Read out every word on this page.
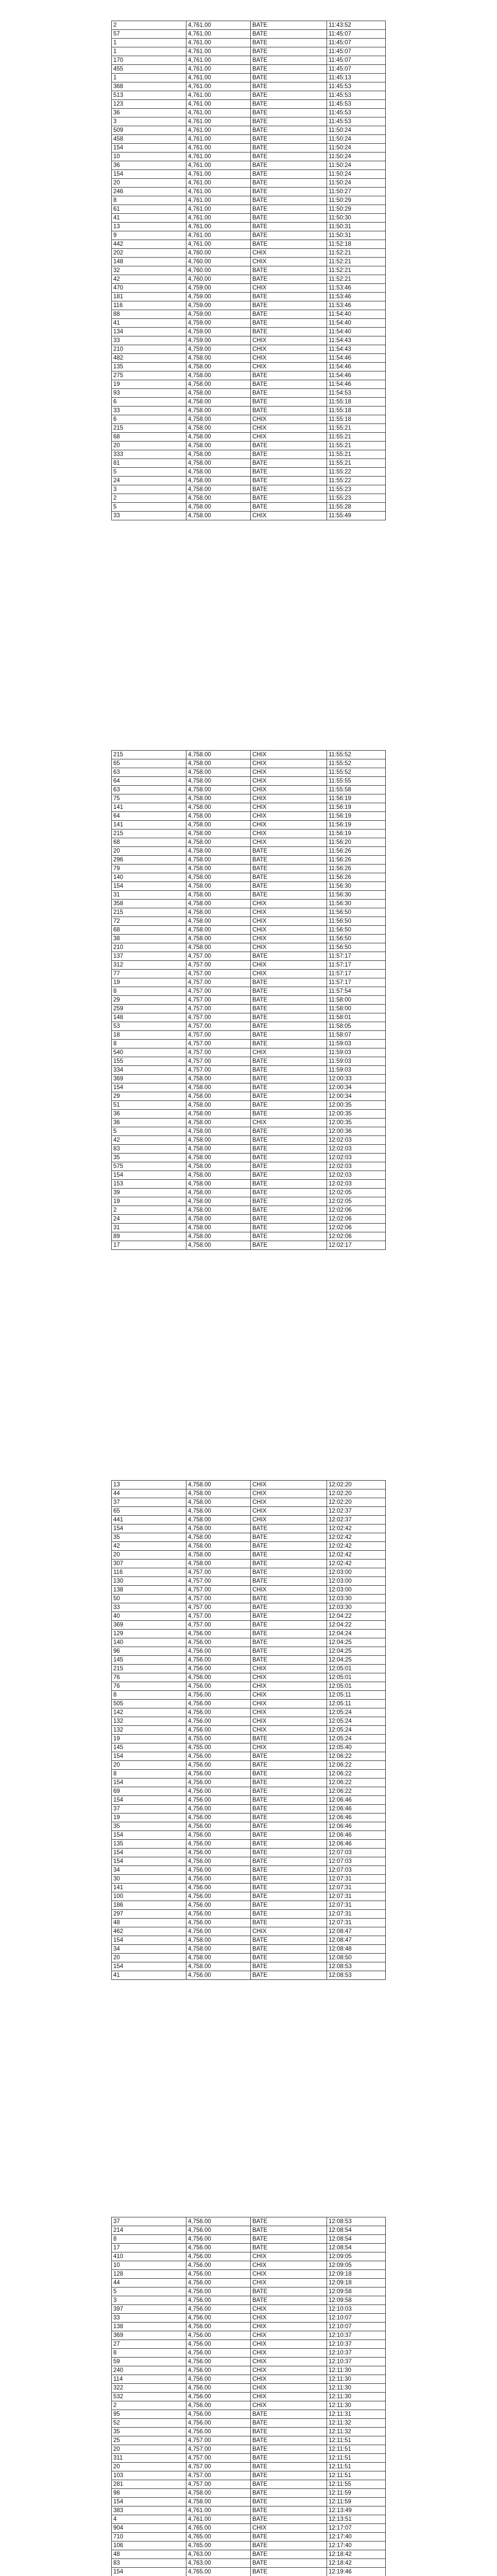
2	4,761.00	BATE	11:43:52
57	4,761.00	BATE	11:45:07
1	4,761.00	BATE	11:45:07
1	4,761.00	BATE	11:45:07
170	4,761.00	BATE	11:45:07
455	4,761.00	BATE	11:45:07
1	4,761.00	BATE	11:45:13
368	4,761.00	BATE	11:45:53
513	4,761.00	BATE	11:45:53
123	4,761.00	BATE	11:45:53
36	4,761.00	BATE	11:45:53
3	4,761.00	BATE	11:45:53
509	4,761.00	BATE	11:50:24
458	4,761.00	BATE	11:50:24
154	4,761.00	BATE	11:50:24
10	4,761.00	BATE	11:50:24
36	4,761.00	BATE	11:50:24
154	4,761.00	BATE	11:50:24
20	4,761.00	BATE	11:50:24
246	4,761.00	BATE	11:50:27
8	4,761.00	BATE	11:50:29
61	4,761.00	BATE	11:50:29
41	4,761.00	BATE	11:50:30
13	4,761.00	BATE	11:50:31
9	4,761.00	BATE	11:50:31
442	4,761.00	BATE	11:52:18
202	4,760.00	CHIX	11:52:21
148	4,760.00	CHIX	11:52:21
32	4,760.00	BATE	11:52:21
42	4,760.00	BATE	11:52:21
470	4,759.00	CHIX	11:53:46
181	4,759.00	BATE	11:53:46
116	4,759.00	BATE	11:53:46
88	4,759.00	BATE	11:54:40
41	4,759.00	BATE	11:54:40
134	4,759.00	BATE	11:54:40
33	4,759.00	CHIX	11:54:43
210	4,759.00	CHIX	11:54:43
482	4,758.00	CHIX	11:54:46
135	4,758.00	CHIX	11:54:46
275	4,758.00	BATE	11:54:46
19	4,758.00	BATE	11:54:46
93	4,758.00	BATE	11:54:53
6	4,758.00	BATE	11:55:18
33	4,758.00	BATE	11:55:18
6	4,758.00	CHIX	11:55:18
215	4,758.00	CHIX	11:55:21
68	4,758.00	CHIX	11:55:21
20	4,758.00	BATE	11:55:21
333	4,758.00	BATE	11:55:21
81	4,758.00	BATE	11:55:21
5	4,758.00	BATE	11:55:22
24	4,758.00	BATE	11:55:22
3	4,758.00	BATE	11:55:23
2	4,758.00	BATE	11:55:23
5	4,758.00	BATE	11:55:28
33	4,758.00	CHIX	11:55:49
215	4,758.00	CHIX	11:55:52
65	4,758.00	CHIX	11:55:52
63	4,758.00	CHIX	11:55:52
64	4,758.00	CHIX	11:55:55
63	4,758.00	CHIX	11:55:58
75	4,758.00	CHIX	11:56:19
141	4,758.00	CHIX	11:56:19
64	4,758.00	CHIX	11:56:19
141	4,758.00	CHIX	11:56:19
215	4,758.00	CHIX	11:56:19
68	4,758.00	CHIX	11:56:20
20	4,758.00	BATE	11:56:26
296	4,758.00	BATE	11:56:26
79	4,758.00	BATE	11:56:26
140	4,758.00	BATE	11:56:26
154	4,758.00	BATE	11:56:30
31	4,758.00	BATE	11:56:30
358	4,758.00	CHIX	11:56:30
215	4,758.00	CHIX	11:56:50
72	4,758.00	CHIX	11:56:50
68	4,758.00	CHIX	11:56:50
38	4,758.00	CHIX	11:56:50
210	4,758.00	CHIX	11:56:50
137	4,757.00	BATE	11:57:17
312	4,757.00	CHIX	11:57:17
77	4,757.00	CHIX	11:57:17
19	4,757.00	BATE	11:57:17
8	4,757.00	BATE	11:57:54
29	4,757.00	BATE	11:58:00
259	4,757.00	BATE	11:58:00
148	4,757.00	BATE	11:58:01
53	4,757.00	BATE	11:58:05
18	4,757.00	BATE	11:58:07
8	4,757.00	BATE	11:59:03
540	4,757.00	CHIX	11:59:03
155	4,757.00	BATE	11:59:03
334	4,757.00	BATE	11:59:03
369	4,758.00	BATE	12:00:33
154	4,758.00	BATE	12:00:34
29	4,758.00	BATE	12:00:34
51	4,758.00	BATE	12:00:35
36	4,758.00	BATE	12:00:35
36	4,758.00	CHIX	12:00:35
5	4,758.00	BATE	12:00:36
42	4,758.00	BATE	12:02:03
83	4,758.00	BATE	12:02:03
35	4,758.00	BATE	12:02:03
575	4,758.00	BATE	12:02:03
154	4,758.00	BATE	12:02:03
153	4,758.00	BATE	12:02:03
39	4,758.00	BATE	12:02:05
19	4,758.00	BATE	12:02:05
2	4,758.00	BATE	12:02:06
24	4,758.00	BATE	12:02:06
31	4,758.00	BATE	12:02:06
89	4,758.00	BATE	12:02:06
17	4,758.00	BATE	12:02:17
13	4,758.00	CHIX	12:02:20
44	4,758.00	CHIX	12:02:20
37	4,758.00	CHIX	12:02:20
65	4,758.00	CHIX	12:02:37
441	4,758.00	CHIX	12:02:37
154	4,758.00	BATE	12:02:42
35	4,758.00	BATE	12:02:42
42	4,758.00	BATE	12:02:42
20	4,758.00	BATE	12:02:42
307	4,758.00	BATE	12:02:42
116	4,757.00	BATE	12:03:00
130	4,757.00	BATE	12:03:00
138	4,757.00	CHIX	12:03:00
50	4,757.00	BATE	12:03:30
33	4,757.00	BATE	12:03:30
40	4,757.00	BATE	12:04:22
369	4,757.00	BATE	12:04:22
129	4,756.00	BATE	12:04:24
140	4,756.00	BATE	12:04:25
96	4,756.00	BATE	12:04:25
145	4,756.00	BATE	12:04:25
215	4,756.00	CHIX	12:05:01
76	4,756.00	CHIX	12:05:01
76	4,756.00	CHIX	12:05:01
8	4,756.00	CHIX	12:05:11
505	4,756.00	CHIX	12:05:11
142	4,756.00	CHIX	12:05:24
132	4,756.00	CHIX	12:05:24
132	4,756.00	CHIX	12:05:24
19	4,755.00	BATE	12:05:24
145	4,755.00	CHIX	12:05:40
154	4,756.00	BATE	12:06:22
20	4,756.00	BATE	12:06:22
8	4,756.00	BATE	12:06:22
154	4,756.00	BATE	12:06:22
69	4,756.00	BATE	12:06:22
154	4,756.00	BATE	12:06:46
37	4,756.00	BATE	12:06:46
19	4,756.00	BATE	12:06:46
35	4,756.00	BATE	12:06:46
154	4,756.00	BATE	12:06:46
135	4,756.00	BATE	12:06:46
154	4,756.00	BATE	12:07:03
154	4,756.00	BATE	12:07:03
34	4,756.00	BATE	12:07:03
30	4,756.00	BATE	12:07:31
141	4,756.00	BATE	12:07:31
100	4,756.00	BATE	12:07:31
186	4,756.00	BATE	12:07:31
297	4,756.00	BATE	12:07:31
48	4,756.00	BATE	12:07:31
462	4,756.00	CHIX	12:08:47
154	4,758.00	BATE	12:08:47
34	4,758.00	BATE	12:08:48
20	4,758.00	BATE	12:08:50
154	4,758.00	BATE	12:08:53
41	4,756.00	BATE	12:08:53
37	4,756.00	BATE	12:08:53
214	4,756.00	BATE	12:08:54
8	4,756.00	BATE	12:08:54
17	4,756.00	BATE	12:08:54
410	4,756.00	CHIX	12:09:05
10	4,756.00	CHIX	12:09:05
128	4,756.00	CHIX	12:09:18
44	4,756.00	CHIX	12:09:18
5	4,756.00	BATE	12:09:58
3	4,756.00	BATE	12:09:58
397	4,756.00	CHIX	12:10:03
33	4,756.00	CHIX	12:10:07
138	4,756.00	CHIX	12:10:07
369	4,756.00	CHIX	12:10:37
27	4,756.00	CHIX	12:10:37
8	4,756.00	CHIX	12:10:37
59	4,756.00	CHIX	12:10:37
240	4,756.00	CHIX	12:11:30
114	4,756.00	CHIX	12:11:30
322	4,756.00	CHIX	12:11:30
532	4,756.00	CHIX	12:11:30
2	4,756.00	CHIX	12:11:30
95	4,756.00	BATE	12:11:31
52	4,756.00	BATE	12:11:32
35	4,756.00	BATE	12:11:32
25	4,757.00	BATE	12:11:51
20	4,757.00	BATE	12:11:51
311	4,757.00	BATE	12:11:51
20	4,757.00	BATE	12:11:51
103	4,757.00	BATE	12:11:51
281	4,757.00	BATE	12:11:55
98	4,758.00	BATE	12:11:59
154	4,758.00	BATE	12:11:59
383	4,761.00	BATE	12:13:49
4	4,761.00	BATE	12:13:51
904	4,765.00	CHIX	12:17:07
710	4,765.00	BATE	12:17:40
106	4,765.00	BATE	12:17:40
48	4,763.00	BATE	12:18:42
83	4,763.00	BATE	12:18:42
154	4,765.00	BATE	12:19:46
